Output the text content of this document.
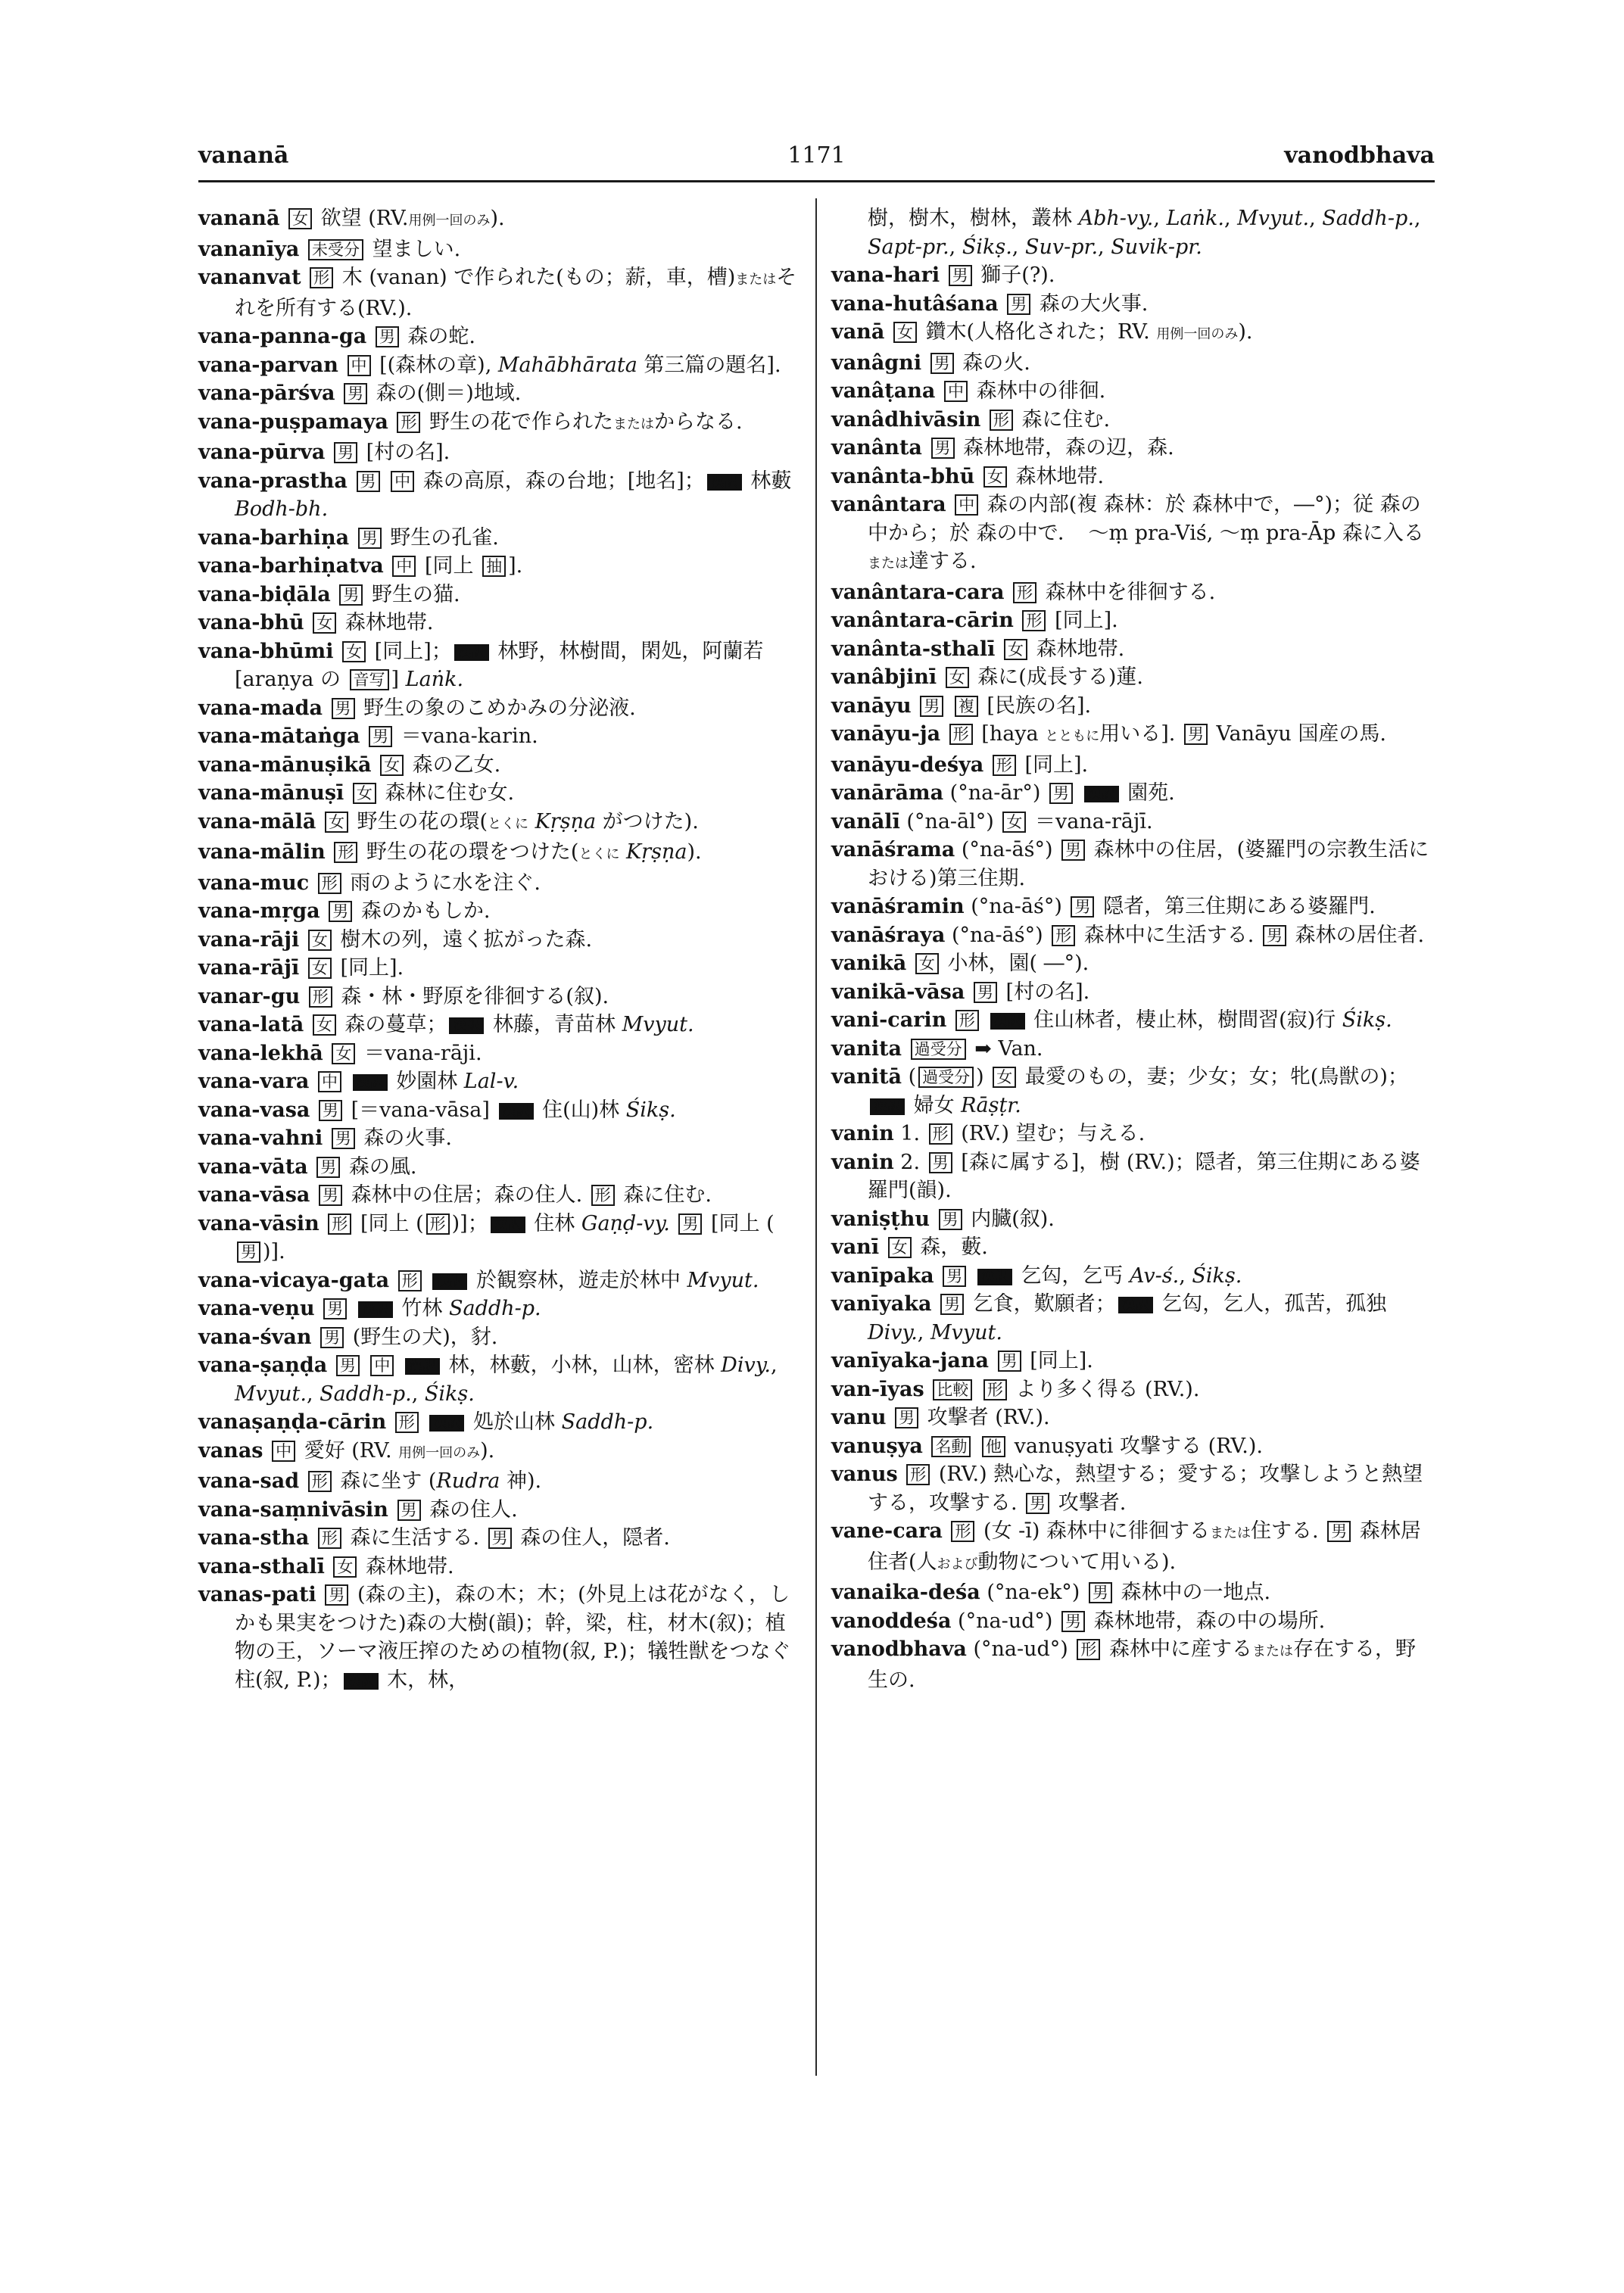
vananā	1171	vanodbhava

vananā 女 欲望 (RV.用例一回のみ).

vananīya 未受分 望ましい.

vananvat 形 木 (vanan) で作られた(もの；薪，車，槽)またはそれを所有する(RV.).

vana-panna-ga 男 森の蛇.

vana-parvan 中 [(森林の章), Mahābhārata 第三篇の題名].

vana-pārśva 男 森の(側＝)地域.

vana-puṣpamaya 形 野生の花で作られたまたはからなる.

vana-pūrva 男 [村の名].

vana-prastha 男 中 森の高原，森の台地；[地名]； 漢訳 林藪 Bodh-bh.

vana-barhiṇa 男 野生の孔雀.

vana-barhiṇatva 中 [同上 抽 ].

vana-biḍāla 男 野生の猫.

vana-bhū 女 森林地帯.

vana-bhūmi 女 [同上]； 漢訳 林野，林樹間，閑処，阿蘭若 [araṇya の 音写 ] Laṅk.

vana-mada 男 野生の象のこめかみの分泌液.

vana-mātaṅga 男 ＝vana-karin.

vana-mānuṣikā 女 森の乙女.

vana-mānuṣī 女 森林に住む女.

vana-mālā 女 野生の花の環(とくに Kṛṣṇa がつけた).

vana-mālin 形 野生の花の環をつけた(とくに Kṛṣṇa).

vana-muc 形 雨のように水を注ぐ.

vana-mṛga 男 森のかもしか.

vana-rāji 女 樹木の列，遠く拡がった森.

vana-rājī 女 [同上].

vanar-gu 形 森・林・野原を徘徊する(叙).

vana-latā 女 森の蔓草； 漢訳 林藤，青苗林 Mvyut.

vana-lekhā 女 ＝vana-rāji.

vana-vara 中 漢訳 妙園林 Lal-v.

vana-vasa 男 [＝vana-vāsa] 漢訳 住(山)林 Śikṣ.

vana-vahni 男 森の火事.

vana-vāta 男 森の風.

vana-vāsa 男 森林中の住居；森の住人. 形 森に住む.

vana-vāsin 形 [同上 ( 形 )]； 漢訳 住林 Gaṇḍ-vy. 男 [同上 (男 )].

vana-vicaya-gata 形 漢訳 於観察林，遊走於林中 Mvyut.

vana-veṇu 男 漢訳 竹林 Saddh-p.

vana-śvan 男 (野生の犬)，豺.

vana-ṣaṇḍa 男 中 漢訳 林，林藪，小林，山林，密林 Divy., Mvyut., Saddh-p., Śikṣ.

vanaṣaṇḍa-cārin 形 漢訳 処於山林 Saddh-p.

vanas 中 愛好 (RV. 用例一回のみ).

vana-sad 形 森に坐す (Rudra 神).

vana-saṃnivāsin 男 森の住人.

vana-stha 形 森に生活する. 男 森の住人，隠者.

vana-sthalī 女 森林地帯.

vanas-pati 男 (森の主)，森の木；木；(外見上は花がなく，しかも果実をつけた)森の大樹(韻)；幹，梁，柱，材木(叙)；植物の王，ソーマ液圧搾のための植物(叙, P.)；犠牲獣をつなぐ柱(叙, P.)； 漢訳 木，林，

樹，樹木，樹林，叢林 Abh-vy., Laṅk., Mvyut., Saddh-p., Sapt-pr., Śikṣ., Suv-pr., Suvik-pr.

vana-hari 男 獅子(?).

vana-hutâśana 男 森の大火事.

vanā 女 鑽木(人格化された；RV. 用例一回のみ).

vanâgni 男 森の火.

vanâṭana 中 森林中の徘徊.

vanâdhivāsin 形 森に住む.

vanânta 男 森林地帯，森の辺，森.

vanânta-bhū 女 森林地帯.

vanântara 中 森の内部(複 森林：於 森林中で，―°)；従 森の中から；於 森の中で．　～ṃ pra-Viś, ～ṃ pra-Āp 森に入るまたは達する.

vanântara-cara 形 森林中を徘徊する.

vanântara-cārin 形 [同上].

vanânta-sthalī 女 森林地帯.

vanâbjinī 女 森に(成長する)蓮.

vanāyu 男 複 [民族の名].

vanāyu-ja 形 [haya とともに用いる]. 男 Vanāyu 国産の馬.

vanāyu-deśya 形 [同上].

vanārāma (°na-ār°) 男 漢訳 園苑.

vanālī (°na-āl°) 女 ＝vana-rājī.

vanāśrama (°na-āś°) 男 森林中の住居，(婆羅門の宗教生活における)第三住期.

vanāśramin (°na-āś°) 男 隠者，第三住期にある婆羅門.

vanāśraya (°na-āś°) 形 森林中に生活する. 男 森林の居住者.

vanikā 女 小林，園( ―°).

vanikā-vāsa 男 [村の名].

vani-carin 形 漢訳 住山林者，棲止林，樹間習(寂)行 Śikṣ.

vanita 過受分 ➡ Van.

vanitā ( 過受分 ) 女 最愛のもの，妻；少女；女；牝(鳥獣の)；漢訳 婦女 Rāṣṭr.

vanin 1. 形 (RV.) 望む；与える.

vanin 2. 男 [森に属する]，樹 (RV.)；隠者，第三住期にある婆羅門(韻).

vaniṣṭhu 男 内臓(叙).

vanī 女 森，藪.

vanīpaka 男 漢訳 乞匃，乞丐 Av-ś., Śikṣ.

vanīyaka 男 乞食，歎願者； 漢訳 乞匃，乞人，孤苦，孤独 Divy., Mvyut.

vanīyaka-jana 男 [同上].

van-īyas 比較 形 より多く得る (RV.).

vanu 男 攻撃者 (RV.).

vanuṣya 名動 他 vanuṣyati 攻撃する (RV.).

vanus 形 (RV.) 熱心な，熱望する；愛する；攻撃しようと熱望する，攻撃する. 男 攻撃者.

vane-cara 形 (女 -ī) 森林中に徘徊するまたは住する. 男 森林居住者(人および動物について用いる).

vanaika-deśa (°na-ek°) 男 森林中の一地点.

vanoddeśa (°na-ud°) 男 森林地帯，森の中の場所.

vanodbhava (°na-ud°) 形 森林中に産するまたは存在する，野生の.
